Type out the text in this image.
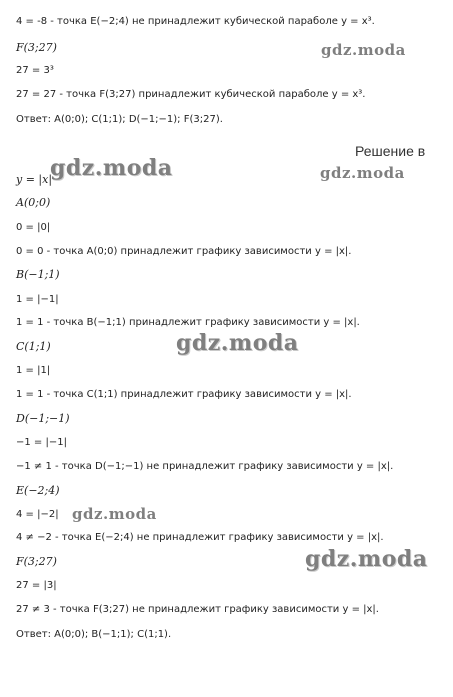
4 = -8 - точка E(−2;4) не принадлежит кубической параболе y = x³.
F(3;27)
27 = 3³
27 = 27 - точка F(3;27) принадлежит кубической параболе y = x³.
Ответ: A(0;0); C(1;1); D(−1;−1); F(3;27).
y = |x|
A(0;0)
0 = |0|
0 = 0 - точка A(0;0) принадлежит графику зависимости y = |x|.
B(−1;1)
1 = |−1|
1 = 1 - точка B(−1;1) принадлежит графику зависимости y = |x|.
C(1;1)
1 = |1|
1 = 1 - точка C(1;1) принадлежит графику зависимости y = |x|.
D(−1;−1)
−1 = |−1|
−1 ≠ 1 - точка D(−1;−1) не принадлежит графику зависимости y = |x|.
E(−2;4)
4 = |−2|
4 ≠ −2 - точка E(−2;4) не принадлежит графику зависимости y = |x|.
F(3;27)
27 = |3|
27 ≠ 3 - точка F(3;27) не принадлежит графику зависимости y = |x|.
Ответ: A(0;0); B(−1;1); C(1;1).
Решение в
gdz.moda
gdz.moda	gdz.moda
gdz.moda
gdz.moda
gdz.moda
